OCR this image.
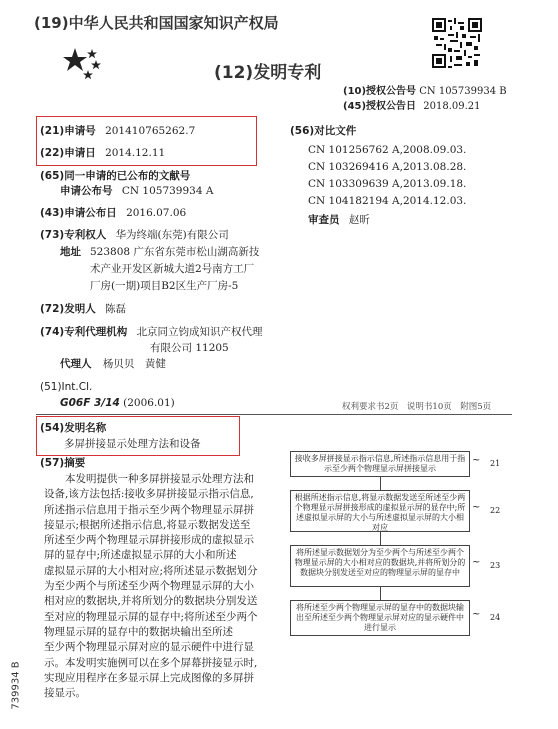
(19)中华人民共和国国家知识产权局
(12)发明专利
(10)授权公告号 CN 105739934 B
(45)授权公告日 2018.09.21
(21)申请号 201410765262.7
(22)申请日 2014.12.11
(65)同一申请的已公布的文献号
申请公布号 CN 105739934 A
(43)申请公布日 2016.07.06
(73)专利权人 华为终端(东莞)有限公司
地址 523808 广东省东莞市松山湖高新技
术产业开发区新城大道2号南方工厂
厂房(一期)项目B2区生产厂房-5
(72)发明人 陈磊
(74)专利代理机构 北京同立钧成知识产权代理
有限公司 11205
代理人 杨贝贝　黄健
(51)Int.Cl.
G06F 3/14 (2006.01)
(56)对比文件
CN 101256762 A,2008.09.03.
CN 103269416 A,2013.08.28.
CN 103309639 A,2013.09.18.
CN 104182194 A,2014.12.03.
审查员 赵昕
权利要求书2页　说明书10页　附图5页
(54)发明名称
多屏拼接显示处理方法和设备
(57)摘要
　　本发明提供一种多屏拼接显示处理方法和
设备,该方法包括:接收多屏拼接显示指示信息,
所述指示信息用于指示至少两个物理显示屏拼
接显示;根据所述指示信息,将显示数据发送至
所述至少两个物理显示屏拼接形成的虚拟显示
屏的显存中;所述虚拟显示屏的大小和所述
虚拟显示屏的大小相对应;将所述显示数据划分
为至少两个与所述至少两个物理显示屏的大小
相对应的数据块,并将所划分的数据块分别发送
至对应的物理显示屏的显存中;将所述至少两个
物理显示屏的显存中的数据块输出至所述
至少两个物理显示屏对应的显示硬件中进行显
示。本发明实施例可以在多个屏幕拼接显示时,
实现应用程序在多显示屏上完成图像的多屏拼
接显示。
739934 B
接收多屏拼接显示指示信息,所述指示信息用于指示至少两个物理显示屏拼接显示
~ 21
根据所述指示信息,将显示数据发送至所述至少两个物理显示屏拼接形成的虚拟显示屏的显存中;所述虚拟显示屏的大小与所述虚拟显示屏的大小相对应
~ 22
将所述显示数据划分为至少两个与所述至少两个物理显示屏的大小相对应的数据块,并将所划分的数据块分别发送至对应的物理显示屏的显存中
~ 23
将所述至少两个物理显示屏的显存中的数据块输出至所述至少两个物理显示屏对应的显示硬件中进行显示
~ 24
